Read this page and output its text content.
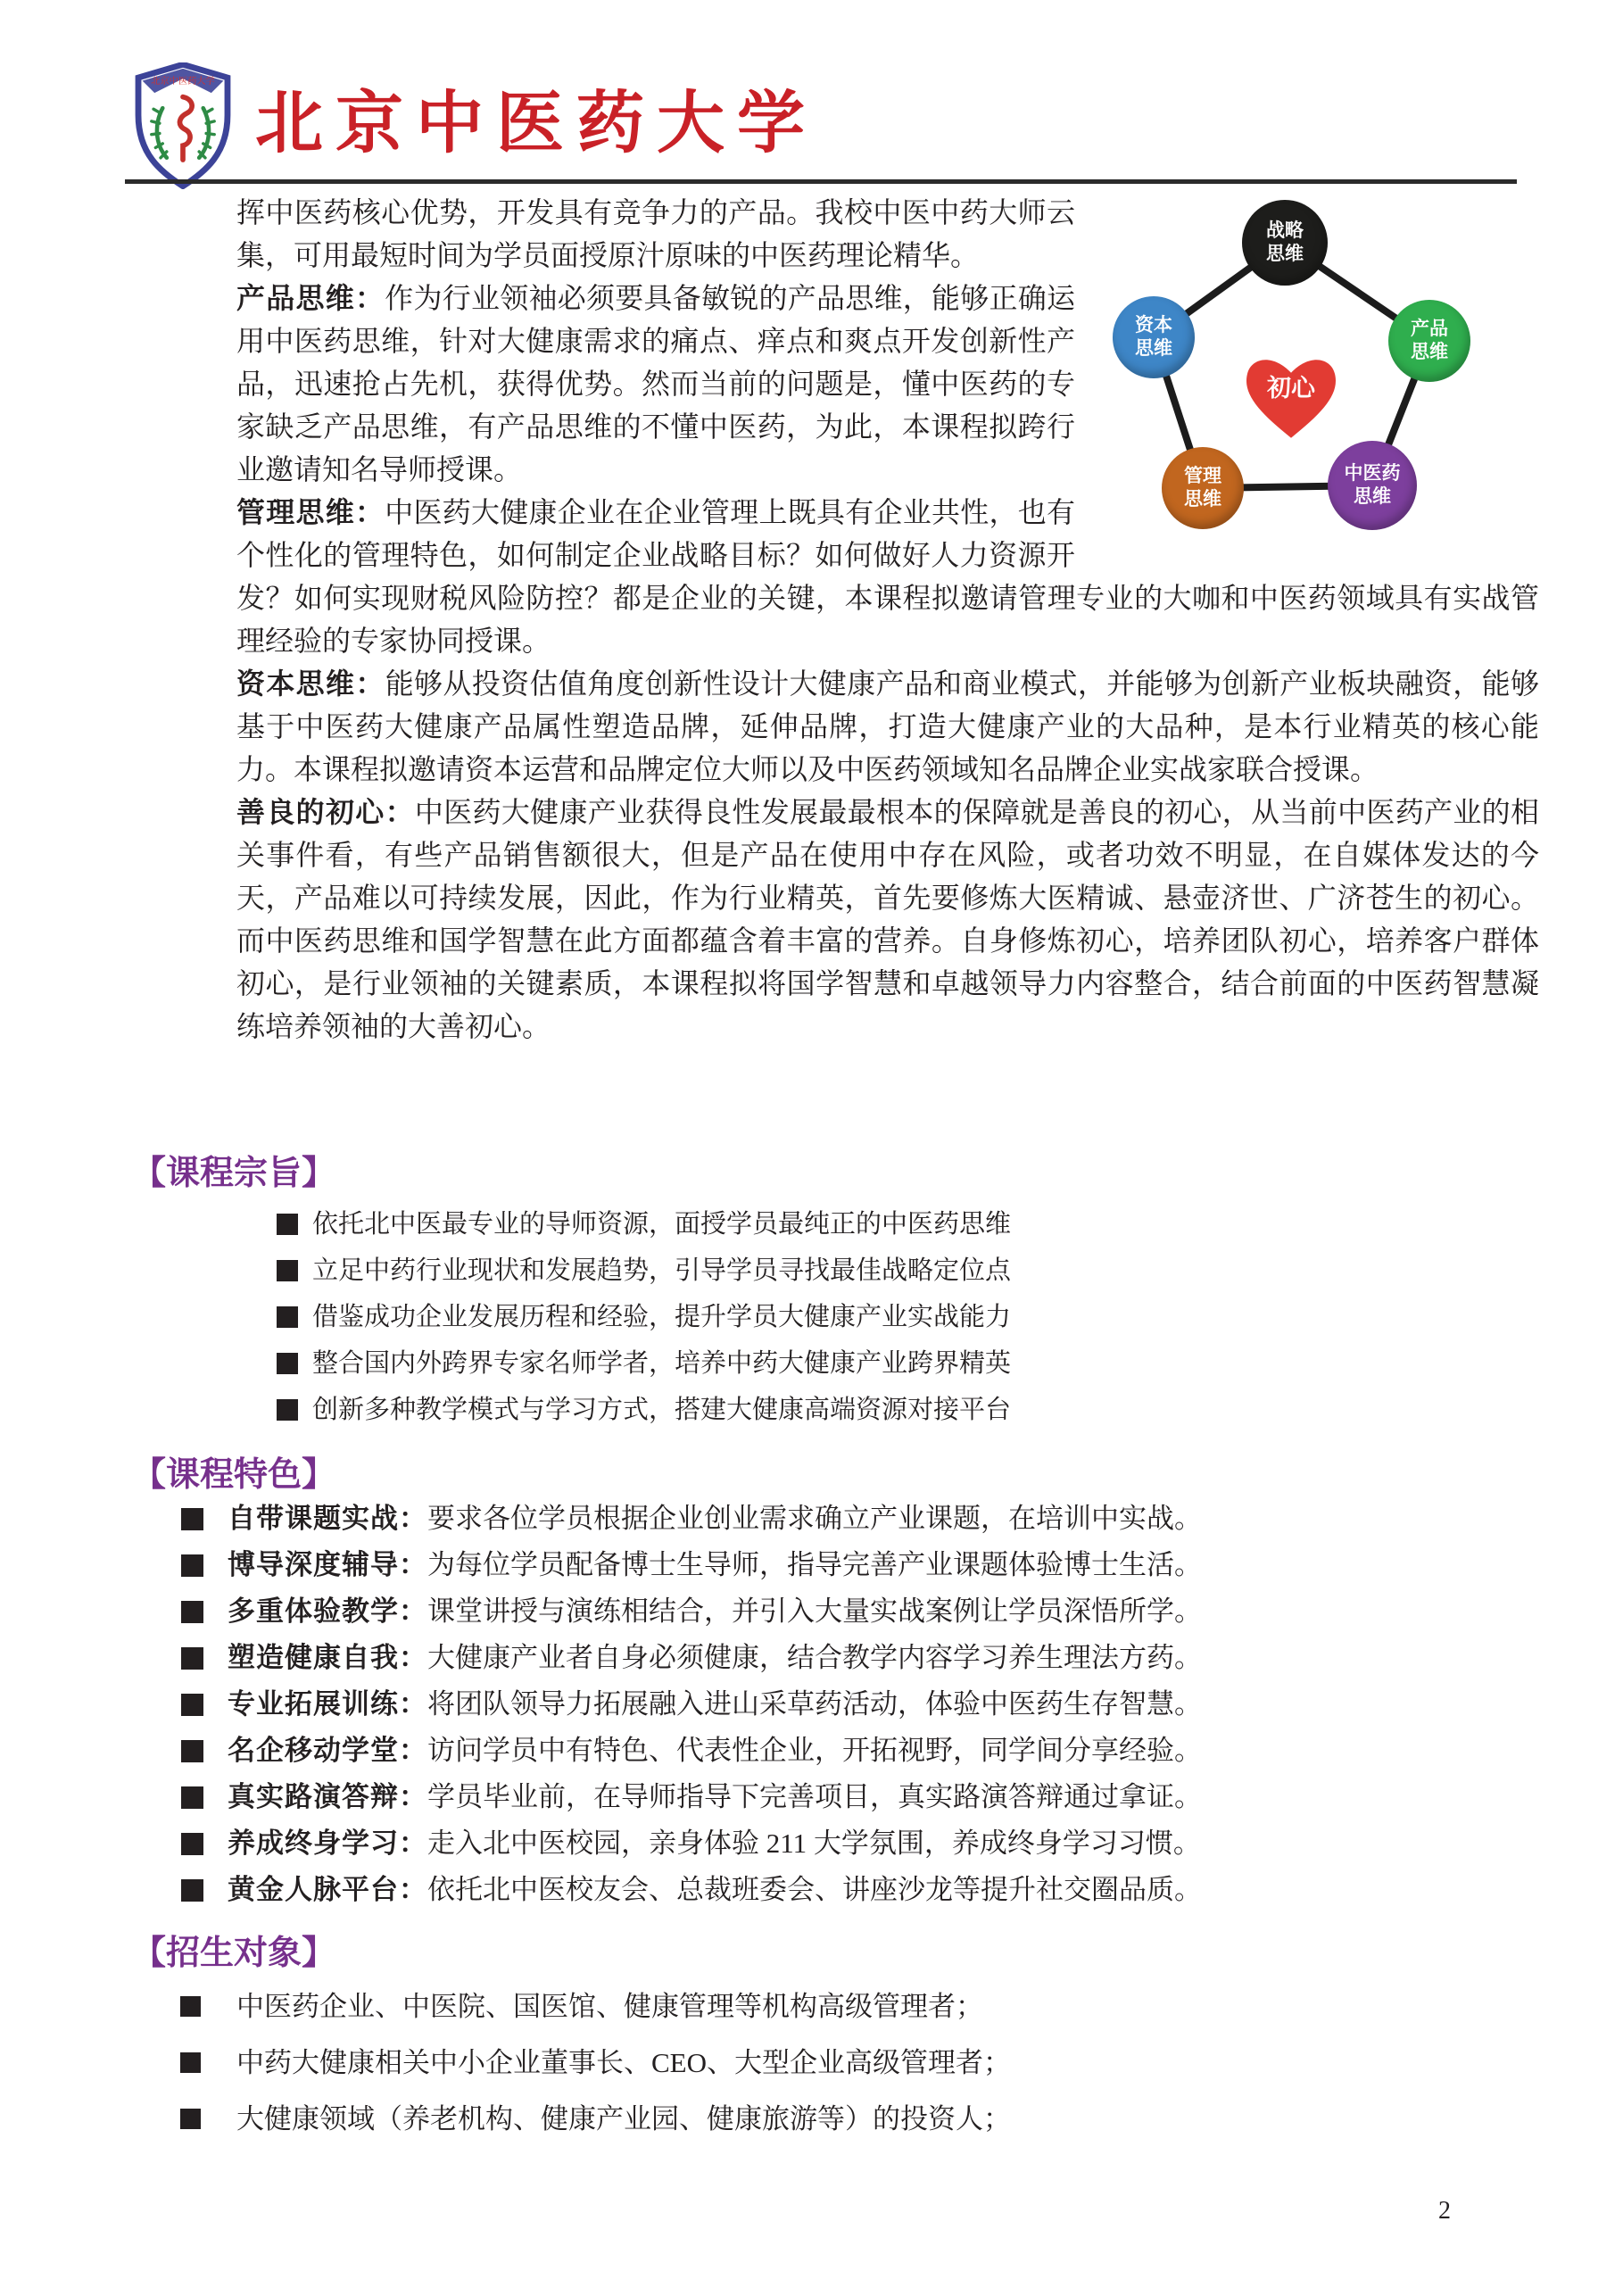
北京中医药大学
北京中医药大学
战略思维
资本思维
产品思维
管理思维
中医药思维
初心

挥中医药核心优势，开发具有竞争力的产品。我校中医中药大师云集，可用最短时间为学员面授原汁原味的中医药理论精华。

产品思维：作为行业领袖必须要具备敏锐的产品思维，能够正确运用中医药思维，针对大健康需求的痛点、痒点和爽点开发创新性产品，迅速抢占先机，获得优势。然而当前的问题是，懂中医药的专家缺乏产品思维，有产品思维的不懂中医药，为此，本课程拟跨行业邀请知名导师授课。

管理思维：中医药大健康企业在企业管理上既具有企业共性，也有个性化的管理特色，如何制定企业战略目标？如何做好人力资源开发？如何实现财税风险防控？都是企业的关键，本课程拟邀请管理专业的大咖和中医药领域具有实战管理经验的专家协同授课。

资本思维：能够从投资估值角度创新性设计大健康产品和商业模式，并能够为创新产业板块融资，能够基于中医药大健康产品属性塑造品牌，延伸品牌，打造大健康产业的大品种，是本行业精英的核心能力。本课程拟邀请资本运营和品牌定位大师以及中医药领域知名品牌企业实战家联合授课。

善良的初心：中医药大健康产业获得良性发展最最根本的保障就是善良的初心，从当前中医药产业的相关事件看，有些产品销售额很大，但是产品在使用中存在风险，或者功效不明显，在自媒体发达的今天，产品难以可持续发展，因此，作为行业精英，首先要修炼大医精诚、悬壶济世、广济苍生的初心。而中医药思维和国学智慧在此方面都蕴含着丰富的营养。自身修炼初心，培养团队初心，培养客户群体初心，是行业领袖的关键素质，本课程拟将国学智慧和卓越领导力内容整合，结合前面的中医药智慧凝练培养领袖的大善初心。

【课程宗旨】
依托北中医最专业的导师资源，面授学员最纯正的中医药思维
立足中药行业现状和发展趋势，引导学员寻找最佳战略定位点
借鉴成功企业发展历程和经验，提升学员大健康产业实战能力
整合国内外跨界专家名师学者，培养中药大健康产业跨界精英
创新多种教学模式与学习方式，搭建大健康高端资源对接平台
【课程特色】
自带课题实战：要求各位学员根据企业创业需求确立产业课题，在培训中实战。
博导深度辅导：为每位学员配备博士生导师，指导完善产业课题体验博士生活。
多重体验教学：课堂讲授与演练相结合，并引入大量实战案例让学员深悟所学。
塑造健康自我：大健康产业者自身必须健康，结合教学内容学习养生理法方药。
专业拓展训练：将团队领导力拓展融入进山采草药活动，体验中医药生存智慧。
名企移动学堂：访问学员中有特色、代表性企业，开拓视野，同学间分享经验。
真实路演答辩：学员毕业前，在导师指导下完善项目，真实路演答辩通过拿证。
养成终身学习：走入北中医校园，亲身体验 211 大学氛围，养成终身学习习惯。
黄金人脉平台：依托北中医校友会、总裁班委会、讲座沙龙等提升社交圈品质。
【招生对象】
中医药企业、中医院、国医馆、健康管理等机构高级管理者；
中药大健康相关中小企业董事长、CEO、大型企业高级管理者；
大健康领域（养老机构、健康产业园、健康旅游等）的投资人；
2
